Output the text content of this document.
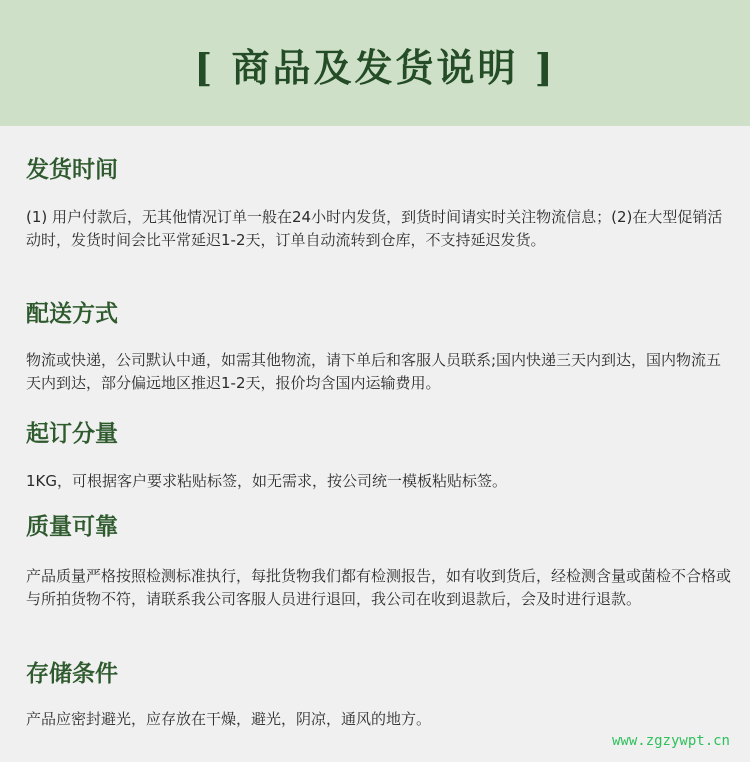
[ 商品及发货说明 ]
发货时间

(1) 用户付款后，无其他情况订单一般在24小时内发货，到货时间请实时关注物流信息；(2)在大型促销活动时，发货时间会比平常延迟1-2天，订单自动流转到仓库，不支持延迟发货。

配送方式

物流或快递，公司默认中通，如需其他物流，请下单后和客服人员联系;国内快递三天内到达，国内物流五天内到达，部分偏远地区推迟1-2天，报价均含国内运输费用。

起订分量

1KG，可根据客户要求粘贴标签，如无需求，按公司统一模板粘贴标签。

质量可靠

产品质量严格按照检测标准执行，每批货物我们都有检测报告，如有收到货后，经检测含量或菌检不合格或与所拍货物不符，请联系我公司客服人员进行退回，我公司在收到退款后，会及时进行退款。

存储条件

产品应密封避光，应存放在干燥，避光，阴凉，通风的地方。

www.zgzywpt.cn
